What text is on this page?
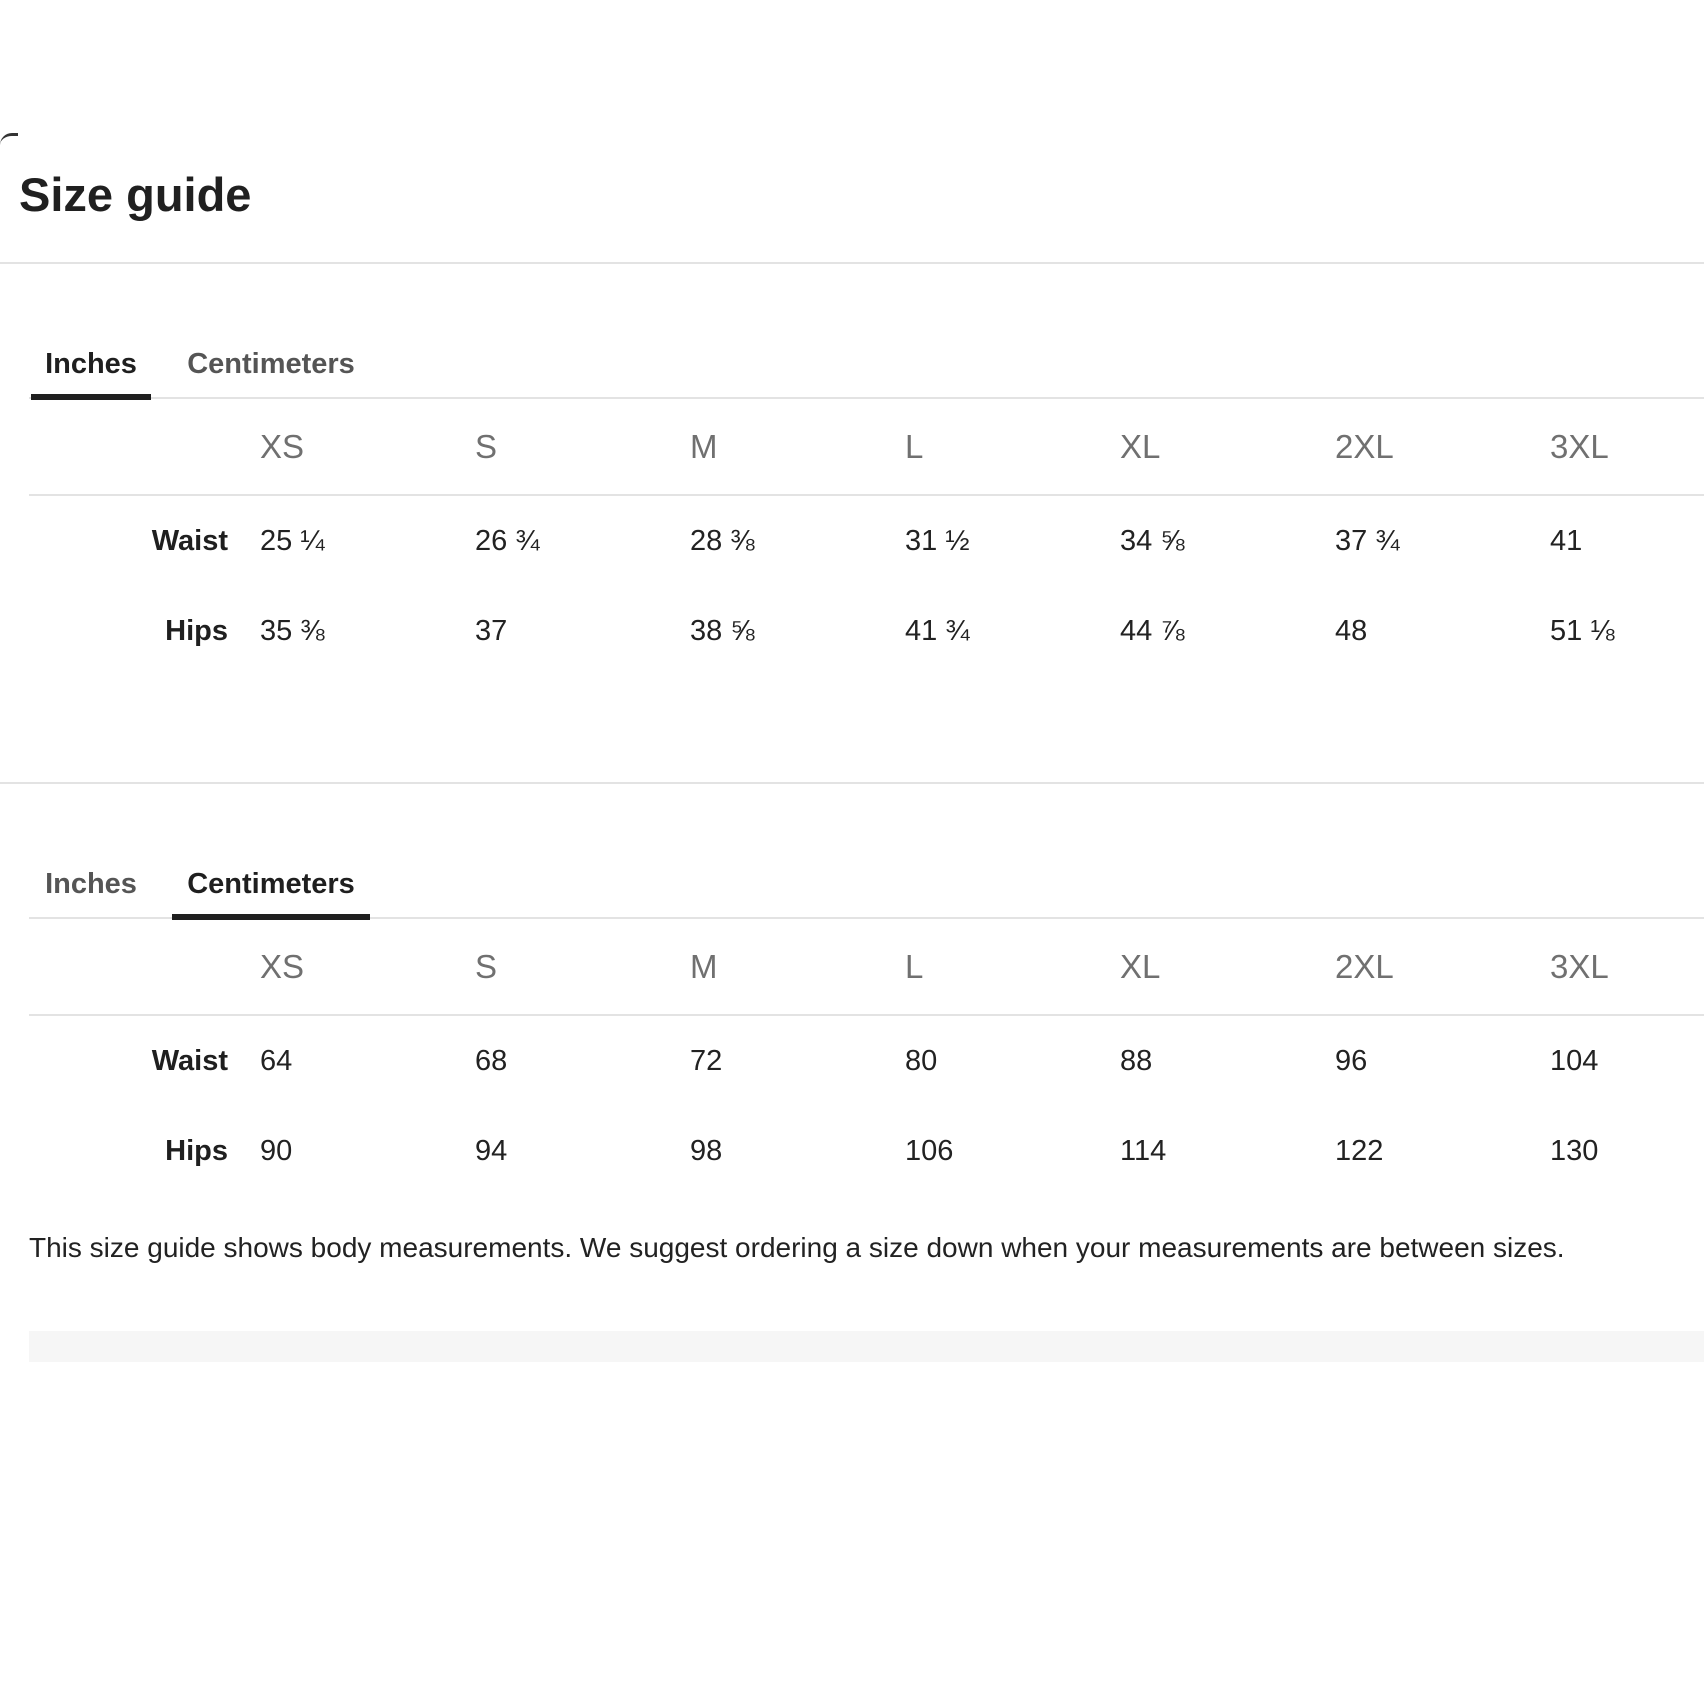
Size guide
Inches Centimeters
XS	S	M	L	XL	2XL	3XL
Waist 25 ¼	26 ¾	28 ⅜	31 ½	34 ⅝	37 ¾	41
Hips 35 ⅜	37	38 ⅝	41 ¾	44 ⅞	48	51 ⅛
Inches Centimeters
XS	S	M	L	XL	2XL	3XL
Waist 64	68	72	80	88	96	104
Hips 90	94	98	106	114	122	130

This size guide shows body measurements. We suggest ordering a size down when your measurements are between sizes.
